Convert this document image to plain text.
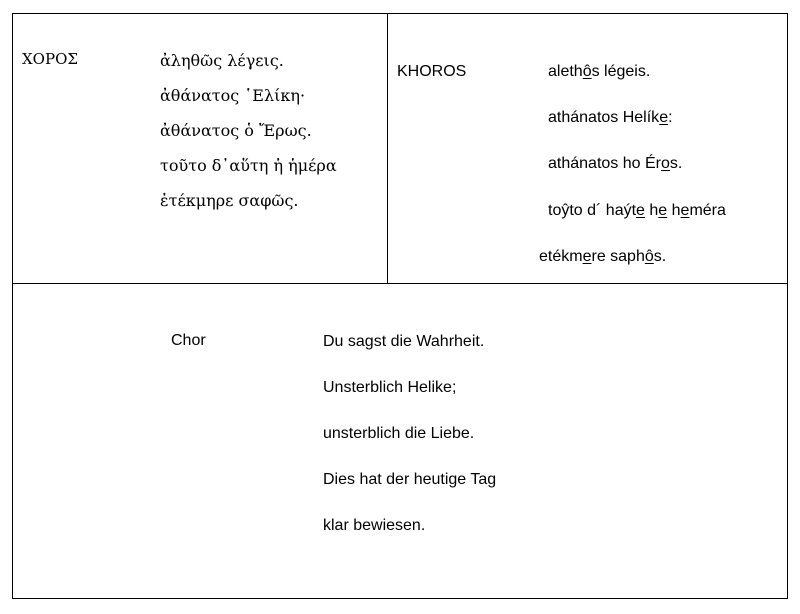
ΧΟΡΟΣ	ἀληθῶς λέγεις.
ἀθάνατος ῾Ελίκη·
ἀθάνατος ὁ Ἔρως.
τοῦτο δ᾽αὕτη ἡ ἡμέρα
ἐτέκμηρε σαφῶς.
KHOROS	alethôs légeis.
athánatos Helíke:
athánatos ho Éros.
toŷto d´ haýte he heméra
etékmere saphôs.
Chor	Du sagst die Wahrheit.
Unsterblich Helike;
unsterblich die Liebe.
Dies hat der heutige Tag
klar bewiesen.
